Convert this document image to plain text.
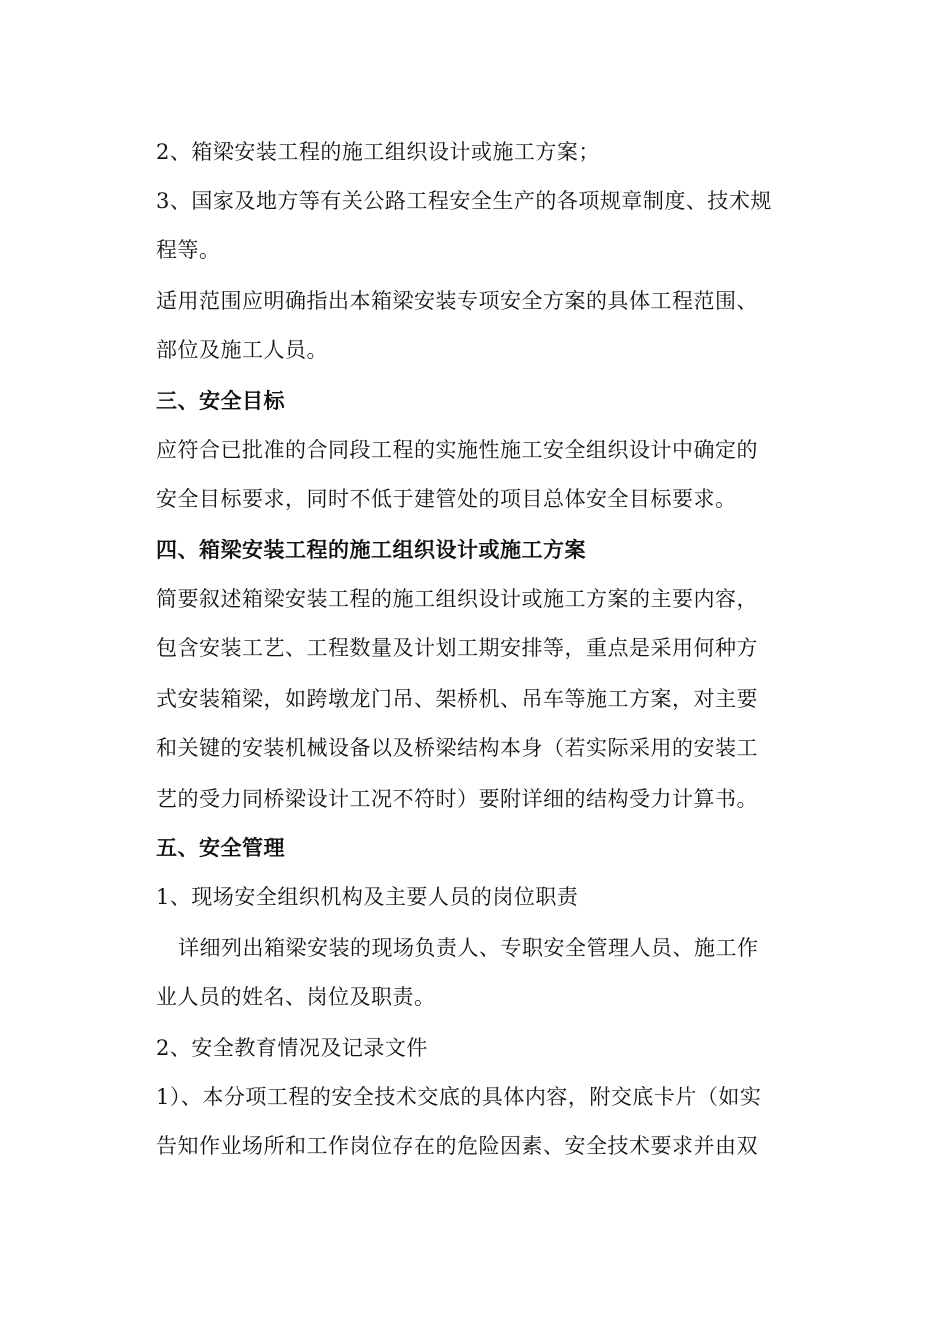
2、箱梁安装工程的施工组织设计或施工方案；
3、国家及地方等有关公路工程安全生产的各项规章制度、技术规
程等。
适用范围应明确指出本箱梁安装专项安全方案的具体工程范围、
部位及施工人员。
三、安全目标
应符合已批准的合同段工程的实施性施工安全组织设计中确定的
安全目标要求，同时不低于建管处的项目总体安全目标要求。
四、箱梁安装工程的施工组织设计或施工方案
简要叙述箱梁安装工程的施工组织设计或施工方案的主要内容，
包含安装工艺、工程数量及计划工期安排等，重点是采用何种方
式安装箱梁，如跨墩龙门吊、架桥机、吊车等施工方案，对主要
和关键的安装机械设备以及桥梁结构本身（若实际采用的安装工
艺的受力同桥梁设计工况不符时）要附详细的结构受力计算书。
五、安全管理
1、现场安全组织机构及主要人员的岗位职责
详细列出箱梁安装的现场负责人、专职安全管理人员、施工作
业人员的姓名、岗位及职责。
2、安全教育情况及记录文件
1）、本分项工程的安全技术交底的具体内容，附交底卡片（如实
告知作业场所和工作岗位存在的危险因素、安全技术要求并由双
